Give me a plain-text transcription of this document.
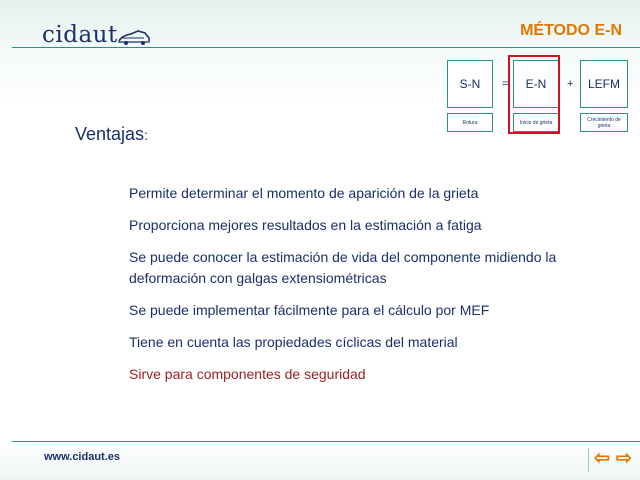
cidaut	MÉTODO E-N
S-N = E-N + LEFM
Rotura	Inicio de grieta	Crecimiento de grieta
Ventajas:
Permite determinar el momento de aparición de la grieta
Proporciona mejores resultados en la estimación a fatiga
Se puede conocer la estimación de vida del componente midiendo la deformación con galgas extensiométricas
Se puede implementar fácilmente para el cálculo por MEF
Tiene en cuenta las propiedades cíclicas del material
Sirve para componentes de seguridad
www.cidaut.es	⇦ ⇨
